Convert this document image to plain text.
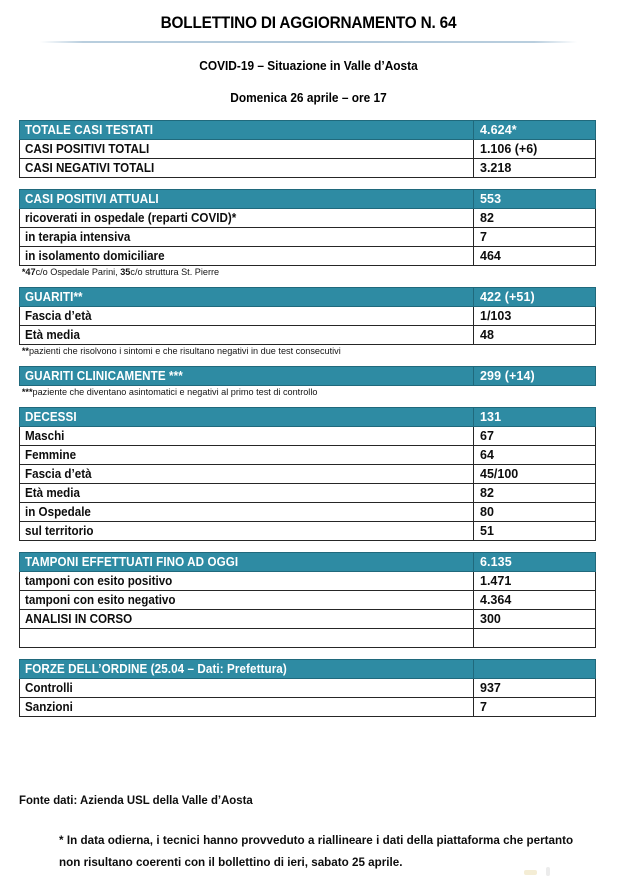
BOLLETTINO DI AGGIORNAMENTO N. 64
COVID-19 – Situazione in Valle d’Aosta
Domenica 26 aprile – ore 17
TOTALE CASI TESTATI	4.624*
CASI POSITIVI TOTALI	1.106 (+6)
CASI NEGATIVI TOTALI	3.218
CASI POSITIVI ATTUALI	553
ricoverati in ospedale (reparti COVID)*	82
in terapia intensiva	7
in isolamento domiciliare	464
*47c/o Ospedale Parini, 35c/o struttura St. Pierre
GUARITI**	422 (+51)
Fascia d’età	1/103
Età media	48
**pazienti che risolvono i sintomi e che risultano negativi in due test consecutivi
GUARITI CLINICAMENTE ***	299 (+14)
***paziente che diventano asintomatici e negativi al primo test di controllo
DECESSI	131
Maschi	67
Femmine	64
Fascia d’età	45/100
Età media	82
in Ospedale	80
sul territorio	51
TAMPONI EFFETTUATI FINO AD OGGI	6.135
tamponi con esito positivo	1.471
tamponi con esito negativo	4.364
ANALISI IN CORSO	300

FORZE DELL’ORDINE (25.04 – Dati: Prefettura)	
Controlli	937
Sanzioni	7
Fonte dati: Azienda USL della Valle d’Aosta
* In data odierna, i tecnici hanno provveduto a riallineare i dati della piattaforma che pertanto non risultano coerenti con il bollettino di ieri, sabato 25 aprile.
